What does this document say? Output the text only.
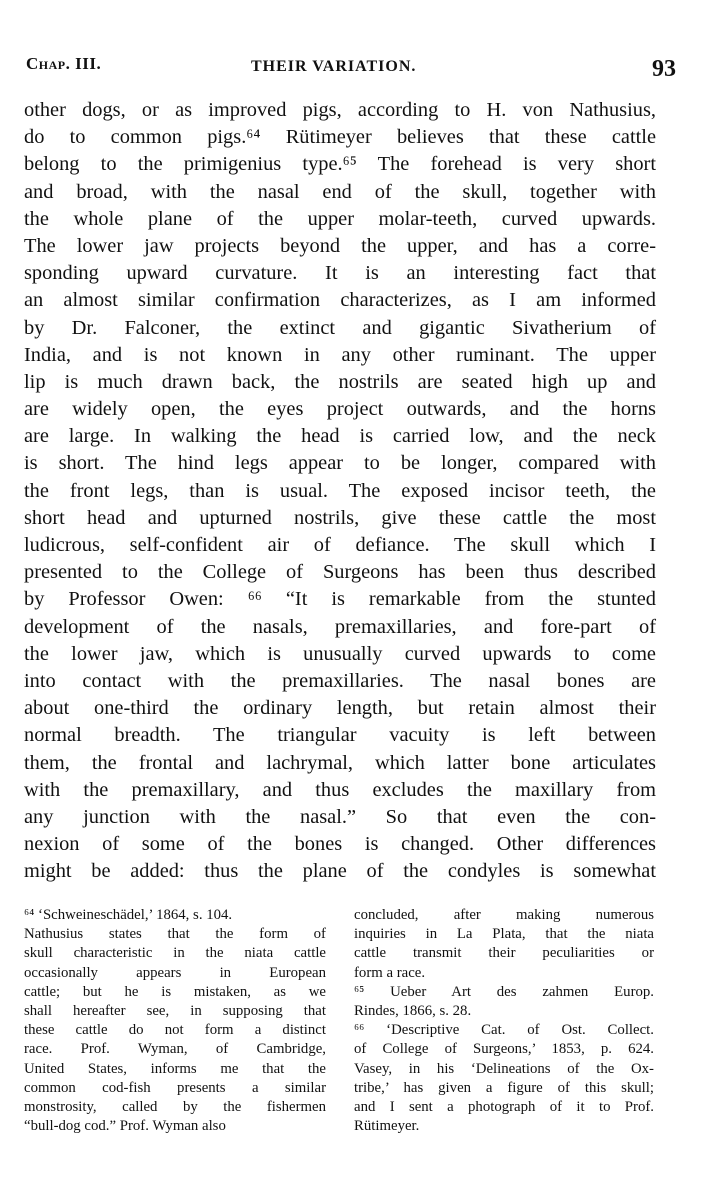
Chap. III.	THEIR VARIATION.	93
other dogs, or as improved pigs, according to H. von Nathusius,
do to common pigs.⁶⁴ Rütimeyer believes that these cattle
belong to the primigenius type.⁶⁵ The forehead is very short
and broad, with the nasal end of the skull, together with
the whole plane of the upper molar-teeth, curved upwards.
The lower jaw projects beyond the upper, and has a corre-
sponding upward curvature. It is an interesting fact that
an almost similar confirmation characterizes, as I am informed
by Dr. Falconer, the extinct and gigantic Sivatherium of
India, and is not known in any other ruminant. The upper
lip is much drawn back, the nostrils are seated high up and
are widely open, the eyes project outwards, and the horns
are large. In walking the head is carried low, and the neck
is short. The hind legs appear to be longer, compared with
the front legs, than is usual. The exposed incisor teeth, the
short head and upturned nostrils, give these cattle the most
ludicrous, self-confident air of defiance. The skull which I
presented to the College of Surgeons has been thus described
by Professor Owen: ⁶⁶ “It is remarkable from the stunted
development of the nasals, premaxillaries, and fore-part of
the lower jaw, which is unusually curved upwards to come
into contact with the premaxillaries. The nasal bones are
about one-third the ordinary length, but retain almost their
normal breadth. The triangular vacuity is left between
them, the frontal and lachrymal, which latter bone articulates
with the premaxillary, and thus excludes the maxillary from
any junction with the nasal.” So that even the con-
nexion of some of the bones is changed. Other differences
might be added: thus the plane of the condyles is somewhat
⁶⁴ ‘Schweineschädel,’ 1864, s. 104.
Nathusius states that the form of
skull characteristic in the niata cattle
occasionally appears in European
cattle; but he is mistaken, as we
shall hereafter see, in supposing that
these cattle do not form a distinct
race. Prof. Wyman, of Cambridge,
United States, informs me that the
common cod-fish presents a similar
monstrosity, called by the fishermen
“bull-dog cod.” Prof. Wyman also
concluded, after making numerous
inquiries in La Plata, that the niata
cattle transmit their peculiarities or
form a race.
⁶⁵ Ueber Art des zahmen Europ.
Rindes, 1866, s. 28.
⁶⁶ ‘Descriptive Cat. of Ost. Collect.
of College of Surgeons,’ 1853, p. 624.
Vasey, in his ‘Delineations of the Ox-
tribe,’ has given a figure of this skull;
and I sent a photograph of it to Prof.
Rütimeyer.
